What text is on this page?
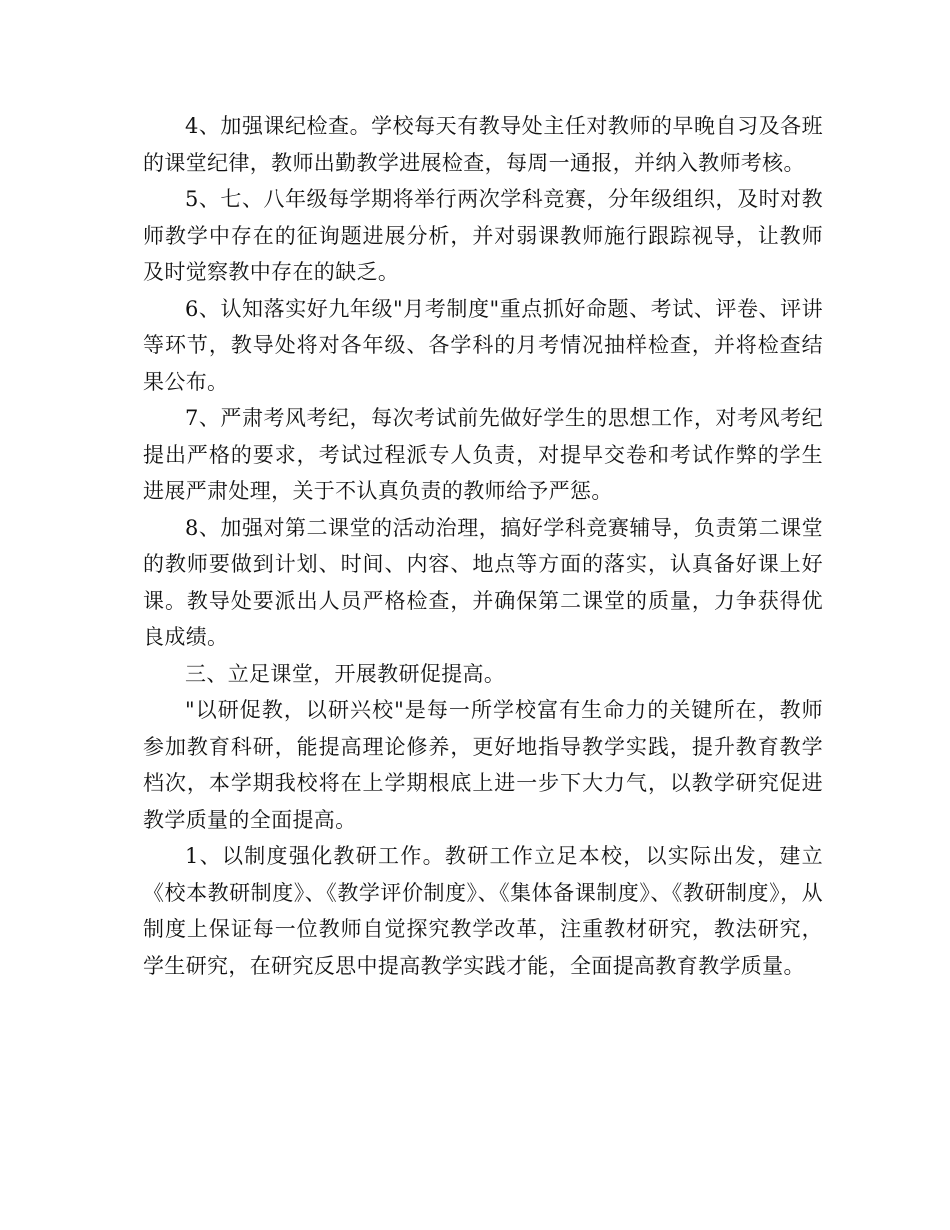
4、加强课纪检查。学校每天有教导处主任对教师的早晚自习及各班的课堂纪律，教师出勤教学进展检查，每周一通报，并纳入教师考核。

5、七、八年级每学期将举行两次学科竞赛，分年级组织，及时对教师教学中存在的征询题进展分析，并对弱课教师施行跟踪视导，让教师及时觉察教中存在的缺乏。

6、认知落实好九年级"月考制度"重点抓好命题、考试、评卷、评讲等环节，教导处将对各年级、各学科的月考情况抽样检查，并将检查结果公布。

7、严肃考风考纪，每次考试前先做好学生的思想工作，对考风考纪提出严格的要求，考试过程派专人负责，对提早交卷和考试作弊的学生进展严肃处理，关于不认真负责的教师给予严惩。

8、加强对第二课堂的活动治理，搞好学科竞赛辅导，负责第二课堂的教师要做到计划、时间、内容、地点等方面的落实，认真备好课上好课。教导处要派出人员严格检查，并确保第二课堂的质量，力争获得优良成绩。

三、立足课堂，开展教研促提高。

"以研促教，以研兴校"是每一所学校富有生命力的关键所在，教师参加教育科研，能提高理论修养，更好地指导教学实践，提升教育教学档次，本学期我校将在上学期根底上进一步下大力气，以教学研究促进教学质量的全面提高。

1、以制度强化教研工作。教研工作立足本校，以实际出发，建立《校本教研制度》、《教学评价制度》、《集体备课制度》、《教研制度》，从制度上保证每一位教师自觉探究教学改革，注重教材研究，教法研究，学生研究，在研究反思中提高教学实践才能，全面提高教育教学质量。
